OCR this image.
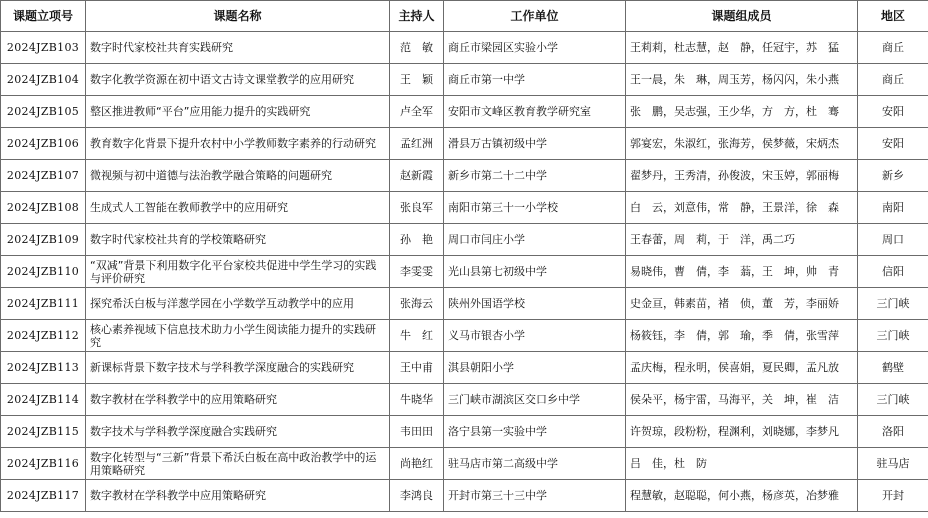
课题立项号	课题名称	主持人	工作单位	课题组成员	地区
2024JZB103	数字时代家校社共育实践研究	范　敏	商丘市梁园区实验小学	王莉莉，杜志慧，赵　静，任冠宇，苏　猛	商丘
2024JZB104	数字化教学资源在初中语文古诗文课堂教学的应用研究	王　颖	商丘市第一中学	王一晨，朱　琳，周玉芳，杨闪闪，朱小燕	商丘
2024JZB105	整区推进教师“平台”应用能力提升的实践研究	卢全军	安阳市文峰区教育教学研究室	张　鹏，吴志强，王少华，方　方，杜　骞	安阳
2024JZB106	教育数字化背景下提升农村中小学教师数字素养的行动研究	孟红洲	滑县万古镇初级中学	郭宴宏，朱淑红，张海芳，侯梦薇，宋炳杰	安阳
2024JZB107	微视频与初中道德与法治教学融合策略的问题研究	赵新霞	新乡市第二十二中学	翟梦丹，王秀清，孙俊波，宋玉婷，郭丽梅	新乡
2024JZB108	生成式人工智能在教师教学中的应用研究	张良军	南阳市第三十一小学校	白　云，刘意伟，常　静，王景洋，徐　森	南阳
2024JZB109	数字时代家校社共育的学校策略研究	孙　艳	周口市闫庄小学	王春蕾，周　莉，于　洋，禹二巧	周口
2024JZB110	“双减”背景下利用数字化平台家校共促进中学生学习的实践与评价研究	李雯雯	光山县第七初级中学	易晓伟，曹　倩，李　蓊，王　坤，帅　青	信阳
2024JZB111	探究希沃白板与洋葱学园在小学数学互动教学中的应用	张海云	陕州外国语学校	史金亘，韩素苗，褚　侦，董　芳，李丽娇	三门峡
2024JZB112	核心素养视域下信息技术助力小学生阅读能力提升的实践研究	牛　红	义马市银杏小学	杨筱钰，李　倩，郭　瑜，季　倩，张雪萍	三门峡
2024JZB113	新课标背景下数字技术与学科教学深度融合的实践研究	王中甫	淇县朝阳小学	孟庆梅，程永明，侯喜娟，夏民卿，孟凡放	鹤壁
2024JZB114	数字教材在学科教学中的应用策略研究	牛晓华	三门峡市湖滨区交口乡中学	侯朵平，杨宇雷，马海平，关　坤，崔　洁	三门峡
2024JZB115	数字技术与学科教学深度融合实践研究	韦田田	洛宁县第一实验中学	许贺琼，段粉粉，程渊利，刘晓娜，李梦凡	洛阳
2024JZB116	数字化转型与“三新”背景下希沃白板在高中政治教学中的运用策略研究	尚艳红	驻马店市第二高级中学	吕　佳，杜　防	驻马店
2024JZB117	数字教材在学科教学中应用策略研究	李鸿良	开封市第三十三中学	程慧敏，赵聪聪，何小燕，杨彦英，冶梦雅	开封
